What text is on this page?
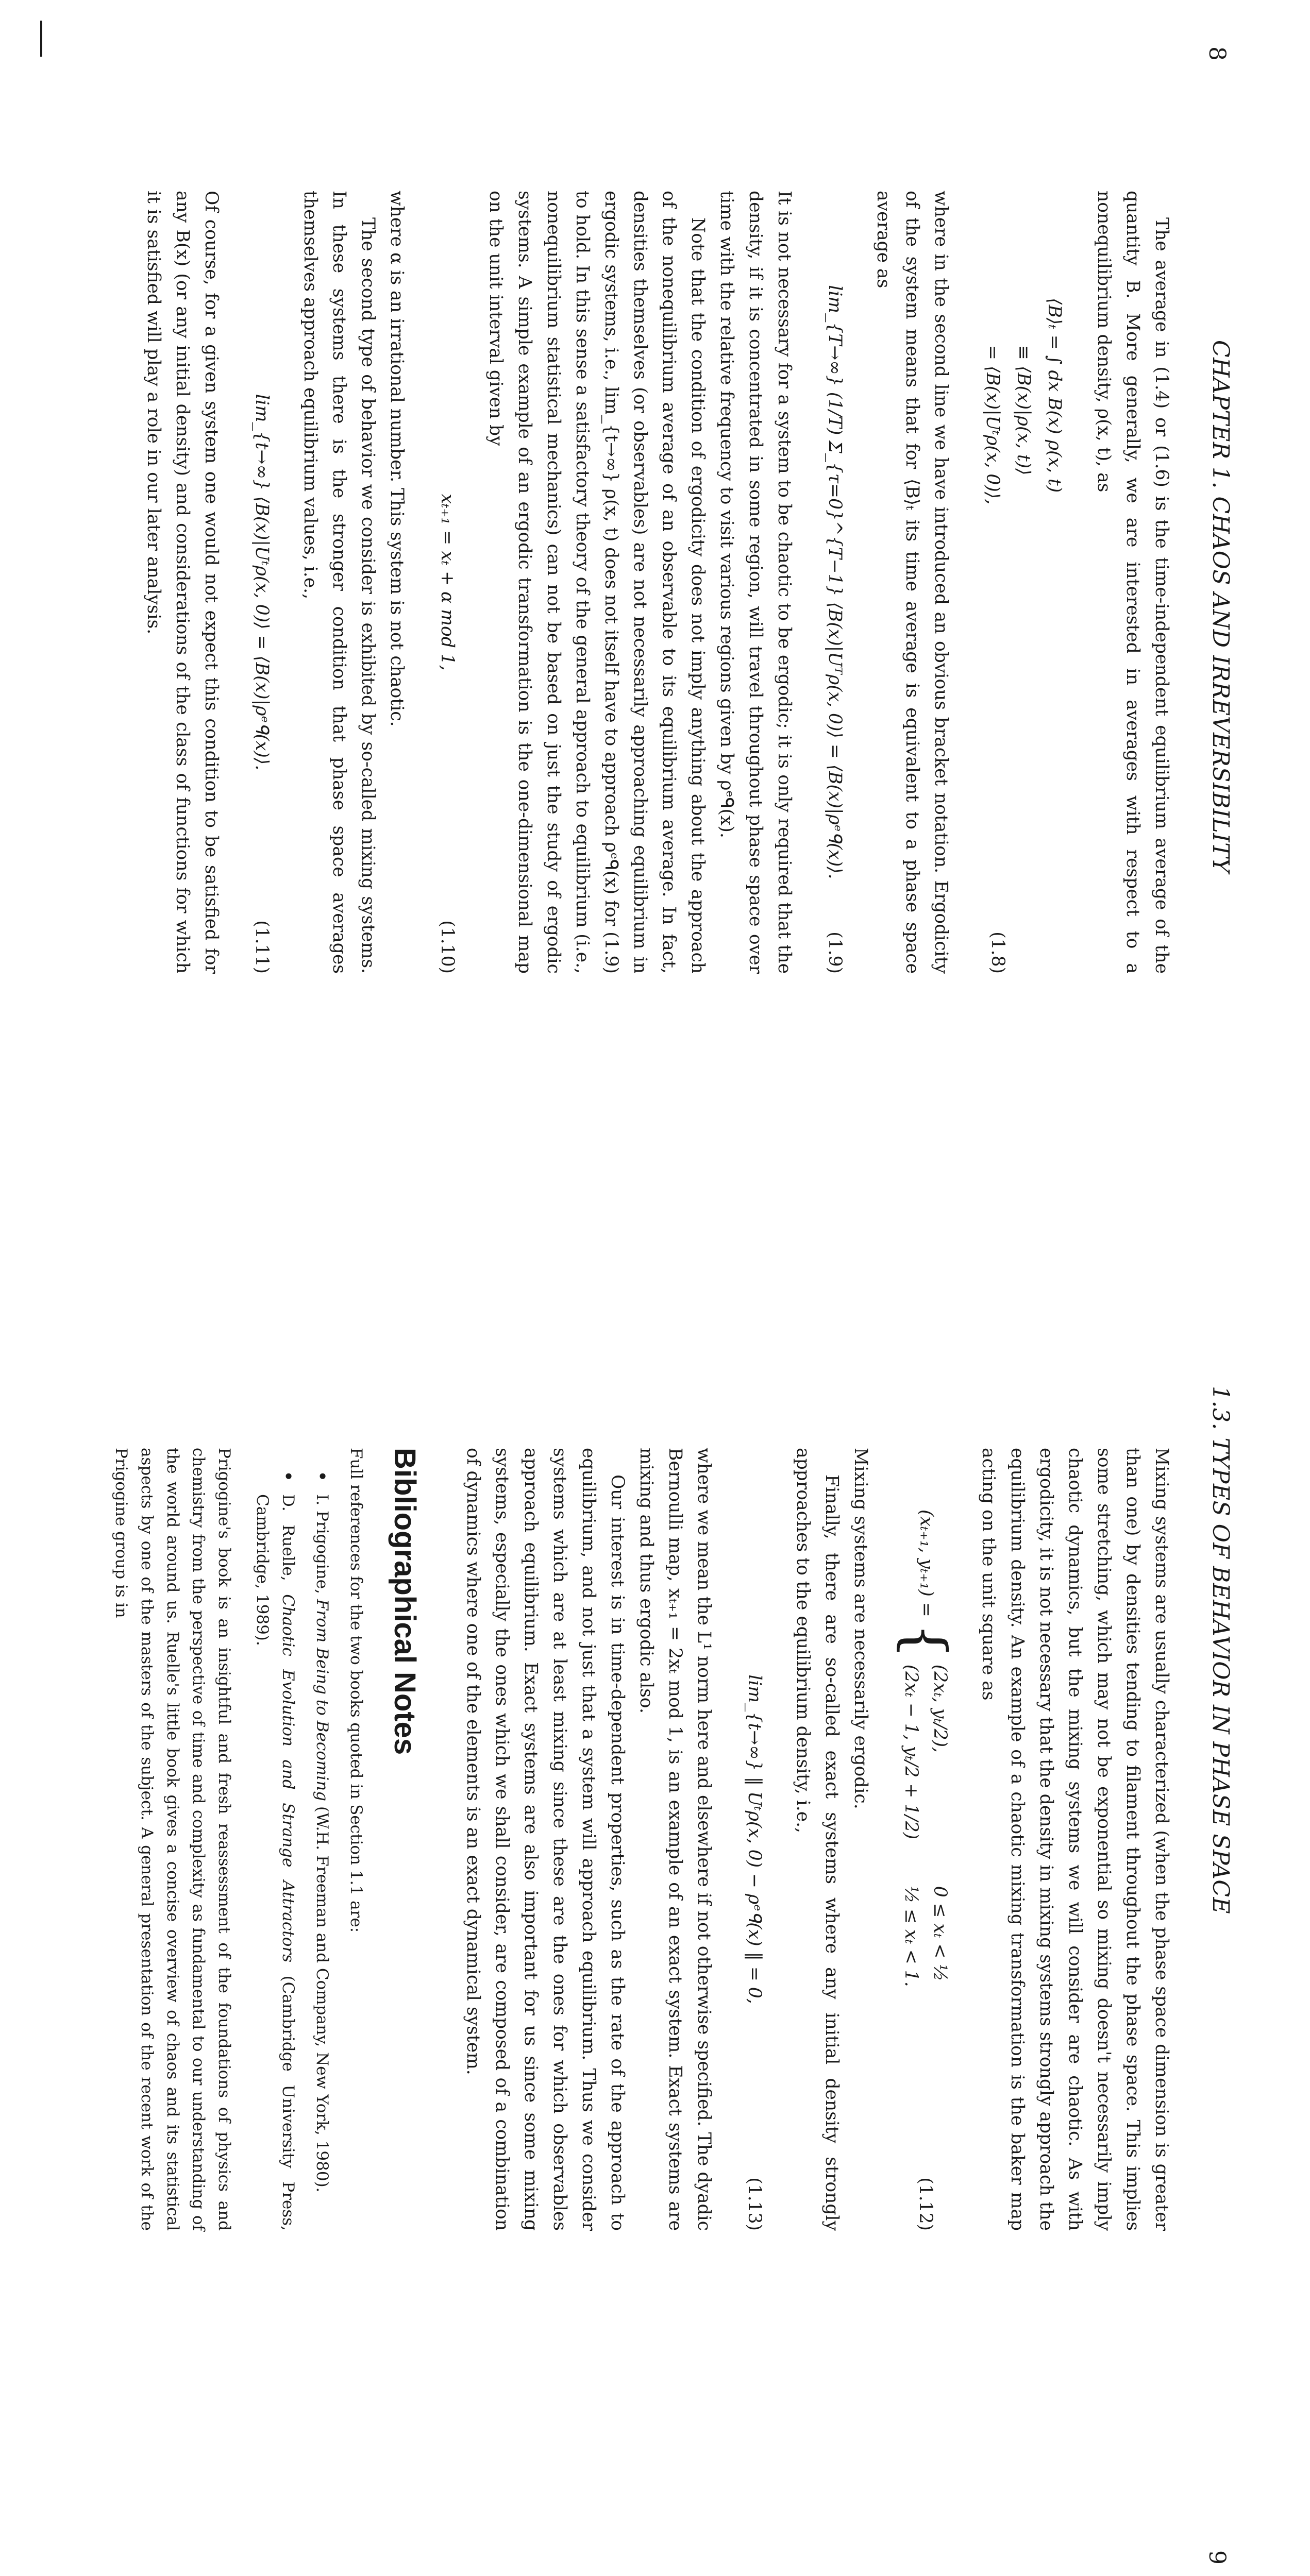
8
CHAPTER 1. CHAOS AND IRREVERSIBILITY

The average in (1.4) or (1.6) is the time-independent equilibrium average of the quantity B. More generally, we are interested in averages with respect to a nonequilibrium density, ρ(x, t), as

⟨B⟩ₜ = ∫ dx B(x) ρ(x, t)	
≡ ⟨B(x)|ρ(x, t)⟩	
= ⟨B(x)|Uᵗρ(x, 0)⟩,	
(1.8)

where in the second line we have introduced an obvious bracket notation. Ergodicity of the system means that for ⟨B⟩ₜ its time average is equivalent to a phase space average as

lim_{T→∞} (1/T) Σ_{τ=0}^{T−1} ⟨B(x)|Uᵀρ(x, 0)⟩ = ⟨B(x)|ρᵉᑫ(x)⟩.
(1.9)

It is not necessary for a system to be chaotic to be ergodic; it is only required that the density, if it is concentrated in some region, will travel throughout phase space over time with the relative frequency to visit various regions given by ρᵉᑫ(x).

Note that the condition of ergodicity does not imply anything about the approach of the nonequilibrium average of an observable to its equilibrium average. In fact, densities themselves (or observables) are not necessarily approaching equilibrium in ergodic systems, i.e., lim_{t→∞} ρ(x, t) does not itself have to approach ρᵉᑫ(x) for (1.9) to hold. In this sense a satisfactory theory of the general approach to equilibrium (i.e., nonequilibrium statistical mechanics) can not be based on just the study of ergodic systems. A simple example of an ergodic transformation is the one-dimensional map on the unit interval given by

xₜ₊₁ = xₜ + α mod 1,
(1.10)

where α is an irrational number. This system is not chaotic.

The second type of behavior we consider is exhibited by so-called mixing systems. In these systems there is the stronger condition that phase space averages themselves approach equilibrium values, i.e.,

lim_{t→∞} ⟨B(x)|Uᵗρ(x, 0)⟩ = ⟨B(x)|ρᵉᑫ(x)⟩.
(1.11)

Of course, for a given system one would not expect this condition to be satisfied for any B(x) (or any initial density) and considerations of the class of functions for which it is satisfied will play a role in our later analysis.

1.3. TYPES OF BEHAVIOR IN PHASE SPACE
9

Mixing systems are usually characterized (when the phase space dimension is greater than one) by densities tending to filament throughout the phase space. This implies some stretching, which may not be exponential so mixing doesn't necessarily imply chaotic dynamics, but the mixing systems we will consider are chaotic. As with ergodicity, it is not necessary that the density in mixing systems strongly approach the equilibrium density. An example of a chaotic mixing transformation is the baker map acting on the unit square as

(xₜ₊₁, yₜ₊₁) = { (2xₜ, yₜ/2),0 ≤ xₜ < ½
(2xₜ − 1, yₜ/2 + 1/2)½ ≤ xₜ < 1.
(1.12)

Mixing systems are necessarily ergodic.

Finally, there are so-called exact systems where any initial density strongly approaches to the equilibrium density, i.e.,

lim_{t→∞} ‖ Uᵗρ(x, 0) − ρᵉᑫ(x) ‖ = 0,
(1.13)

where we mean the L¹ norm here and elsewhere if not otherwise specified. The dyadic Bernoulli map, xₜ₊₁ = 2xₜ mod 1, is an example of an exact system. Exact systems are mixing and thus ergodic also.

Our interest is in time-dependent properties, such as the rate of the approach to equilibrium, and not just that a system will approach equilibrium. Thus we consider systems which are at least mixing since these are the ones for which observables approach equilibrium. Exact systems are also important for us since some mixing systems, especially the ones which we shall consider, are composed of a combination of dynamics where one of the elements is an exact dynamical system.

Bibliographical Notes

Full references for the two books quoted in Section 1.1 are:

• I. Prigogine, From Being to Becoming (W.H. Freeman and Company, New York, 1980).
• D. Ruelle, Chaotic Evolution and Strange Attractors (Cambridge University Press, Cambridge, 1989).

Prigogine's book is an insightful and fresh reassessment of the foundations of physics and chemistry from the perspective of time and complexity as fundamental to our understanding of the world around us. Ruelle's little book gives a concise overview of chaos and its statistical aspects by one of the masters of the subject. A general presentation of the recent work of the Prigogine group is in
